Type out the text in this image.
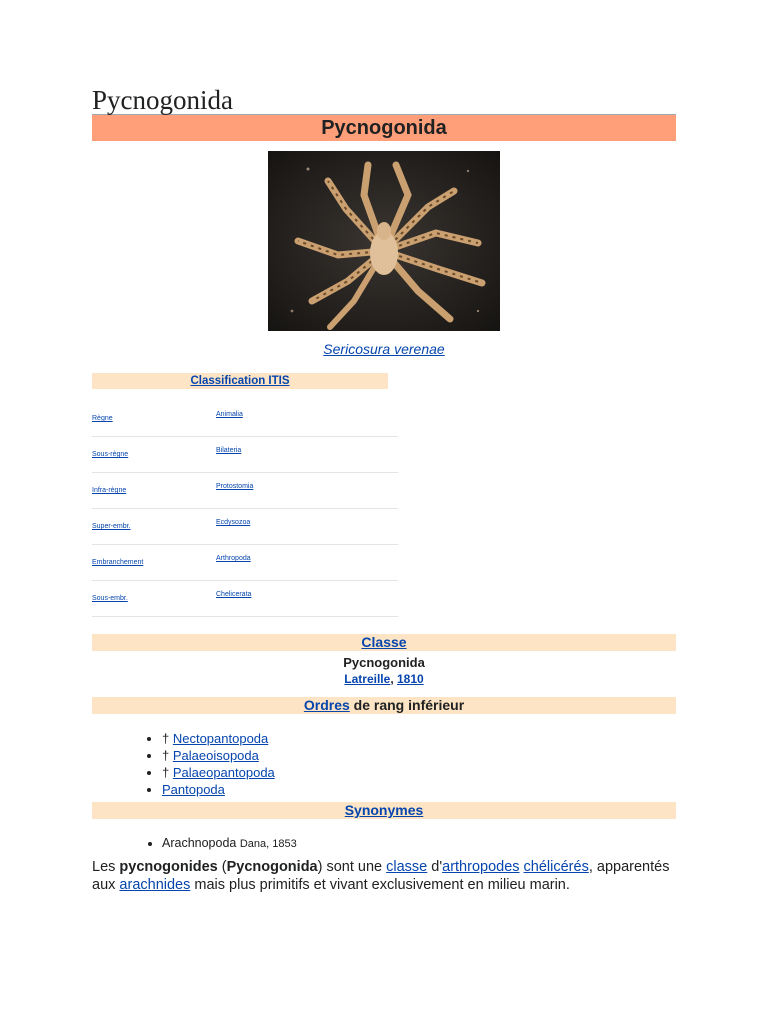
Pycnogonida
Pycnogonida
Sericosura verenae
Classification ITIS
Règne
Animalia
Sous-règne
Bilateria
Infra-règne
Protostomia
Super-embr.
Ecdysozoa
Embranchement
Arthropoda
Sous-embr.
Chelicerata
Classe
Pycnogonida
Latreille, 1810
Ordres de rang inférieur
• † Nectopantopoda
• † Palaeoisopoda
• † Palaeopantopoda
• Pantopoda
Synonymes
• Arachnopoda Dana, 1853

Les pycnogonides (Pycnogonida) sont une classe d'arthropodes chélicérés, apparentés aux arachnides mais plus primitifs et vivant exclusivement en milieu marin.
